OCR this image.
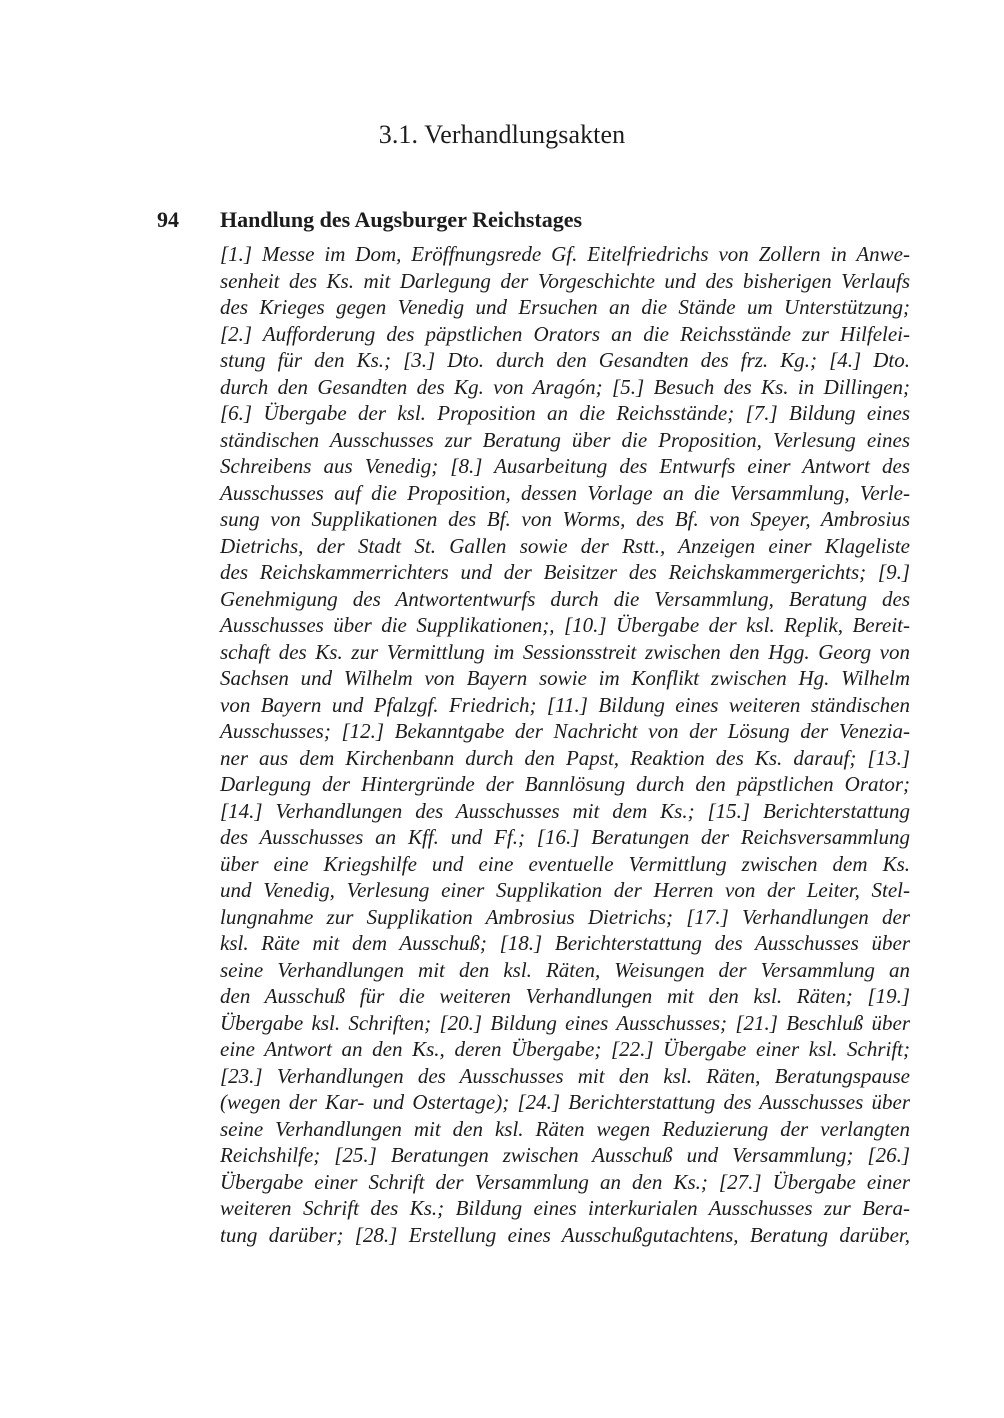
3.1. Verhandlungsakten
94 Handlung des Augsburger Reichstages
[1.] Messe im Dom, Eröffnungsrede Gf. Eitelfriedrichs von Zollern in Anwe-
senheit des Ks. mit Darlegung der Vorgeschichte und des bisherigen Verlaufs
des Krieges gegen Venedig und Ersuchen an die Stände um Unterstützung;
[2.] Aufforderung des päpstlichen Orators an die Reichsstände zur Hilfelei-
stung für den Ks.; [3.] Dto. durch den Gesandten des frz. Kg.; [4.] Dto.
durch den Gesandten des Kg. von Aragón; [5.] Besuch des Ks. in Dillingen;
[6.] Übergabe der ksl. Proposition an die Reichsstände; [7.] Bildung eines
ständischen Ausschusses zur Beratung über die Proposition, Verlesung eines
Schreibens aus Venedig; [8.] Ausarbeitung des Entwurfs einer Antwort des
Ausschusses auf die Proposition, dessen Vorlage an die Versammlung, Verle-
sung von Supplikationen des Bf. von Worms, des Bf. von Speyer, Ambrosius
Dietrichs, der Stadt St. Gallen sowie der Rstt., Anzeigen einer Klageliste
des Reichskammerrichters und der Beisitzer des Reichskammergerichts; [9.]
Genehmigung des Antwortentwurfs durch die Versammlung, Beratung des
Ausschusses über die Supplikationen;, [10.] Übergabe der ksl. Replik, Bereit-
schaft des Ks. zur Vermittlung im Sessionsstreit zwischen den Hgg. Georg von
Sachsen und Wilhelm von Bayern sowie im Konflikt zwischen Hg. Wilhelm
von Bayern und Pfalzgf. Friedrich; [11.] Bildung eines weiteren ständischen
Ausschusses; [12.] Bekanntgabe der Nachricht von der Lösung der Venezia-
ner aus dem Kirchenbann durch den Papst, Reaktion des Ks. darauf; [13.]
Darlegung der Hintergründe der Bannlösung durch den päpstlichen Orator;
[14.] Verhandlungen des Ausschusses mit dem Ks.; [15.] Berichterstattung
des Ausschusses an Kff. und Ff.; [16.] Beratungen der Reichsversammlung
über eine Kriegshilfe und eine eventuelle Vermittlung zwischen dem Ks.
und Venedig, Verlesung einer Supplikation der Herren von der Leiter, Stel-
lungnahme zur Supplikation Ambrosius Dietrichs; [17.] Verhandlungen der
ksl. Räte mit dem Ausschuß; [18.] Berichterstattung des Ausschusses über
seine Verhandlungen mit den ksl. Räten, Weisungen der Versammlung an
den Ausschuß für die weiteren Verhandlungen mit den ksl. Räten; [19.]
Übergabe ksl. Schriften; [20.] Bildung eines Ausschusses; [21.] Beschluß über
eine Antwort an den Ks., deren Übergabe; [22.] Übergabe einer ksl. Schrift;
[23.] Verhandlungen des Ausschusses mit den ksl. Räten, Beratungspause
(wegen der Kar- und Ostertage); [24.] Berichterstattung des Ausschusses über
seine Verhandlungen mit den ksl. Räten wegen Reduzierung der verlangten
Reichshilfe; [25.] Beratungen zwischen Ausschuß und Versammlung; [26.]
Übergabe einer Schrift der Versammlung an den Ks.; [27.] Übergabe einer
weiteren Schrift des Ks.; Bildung eines interkurialen Ausschusses zur Bera-
tung darüber; [28.] Erstellung eines Ausschußgutachtens, Beratung darüber,
